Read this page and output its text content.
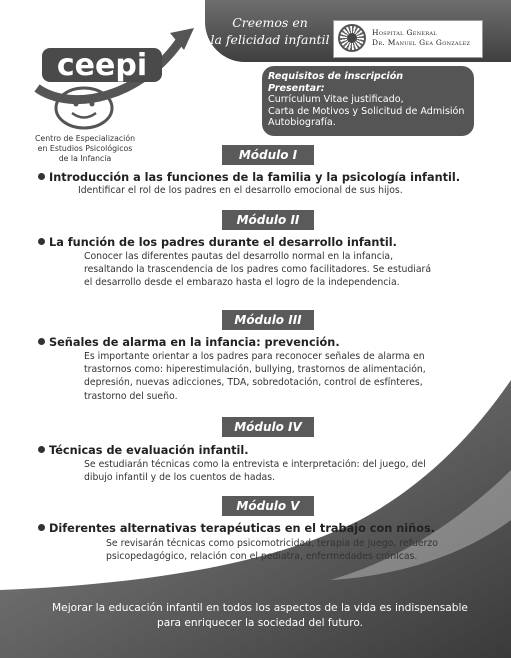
Creemos en
la felicidad infantil	Hospital General
Dr. Manuel Gea Gonzalez
ceepi
Centro de Especialización
en Estudios Psicológicos
de la Infancia
Requisitos de inscripción
Presentar:
Currículum Vitae justificado,
Carta de Motivos y Solicitud de Admisión
Autobiografía.
Módulo I
Introducción a las funciones de la familia y la psicología infantil.
Identificar el rol de los padres en el desarrollo emocional de sus hijos.
Módulo II
La función de los padres durante el desarrollo infantil.
Conocer las diferentes pautas del desarrollo normal en la infancia,
resaltando la trascendencia de los padres como facilitadores. Se estudiará
el desarrollo desde el embarazo hasta el logro de la independencia.
Módulo III
Señales de alarma en la infancia: prevención.
Es importante orientar a los padres para reconocer señales de alarma en
trastornos como: hiperestimulación, bullying, trastornos de alimentación,
depresión, nuevas adicciones, TDA, sobredotación, control de esfínteres,
trastorno del sueño.
Módulo IV
Técnicas de evaluación infantil.
Se estudiarán técnicas como la entrevista e interpretación: del juego, del
dibujo infantil y de los cuentos de hadas.
Módulo V
Diferentes alternativas terapéuticas en el trabajo con niños.
Se revisarán técnicas como psicomotricidad, terapia de juego, refuerzo
psicopedagógico, relación con el pediatra, enfermedades crónicas.
Mejorar la educación infantil en todos los aspectos de la vida es indispensable
para enriquecer la sociedad del futuro.
